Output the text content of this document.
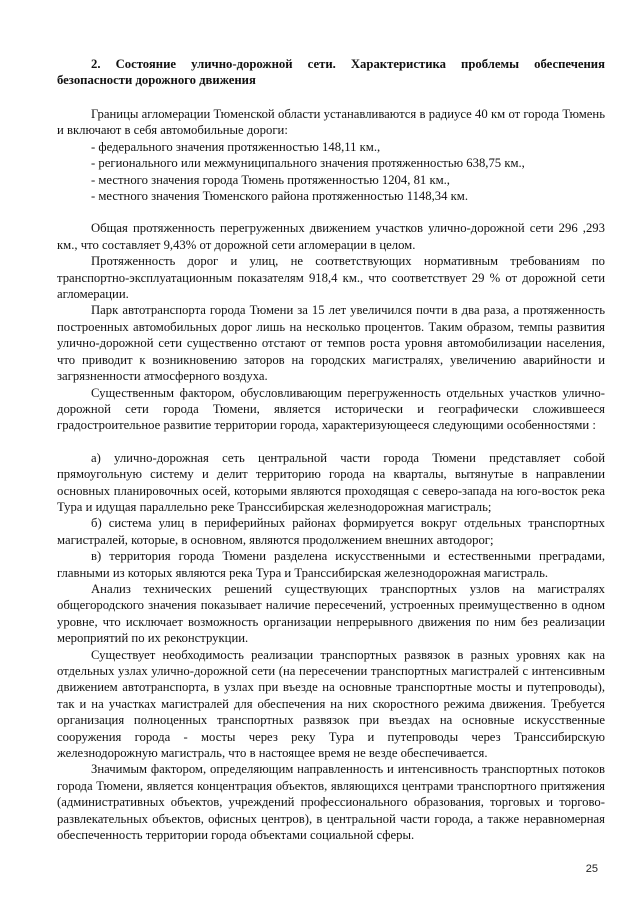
2. Состояние улично-дорожной сети. Характеристика проблемы обеспечения безопасности дорожного движения

Границы агломерации Тюменской области устанавливаются в радиусе 40 км от города Тюмень и включают в себя автомобильные дороги:

- федерального значения протяженностью 148,11 км.,

- регионального или межмуниципального значения протяженностью 638,75 км.,

- местного значения города Тюмень протяженностью 1204, 81 км.,

- местного значения Тюменского района протяженностью 1148,34 км.

Общая протяженность перегруженных движением участков улично-дорожной сети 296 ,293 км., что составляет 9,43% от дорожной сети агломерации в целом.

Протяженность дорог и улиц, не соответствующих нормативным требованиям по транспортно-эксплуатационным показателям 918,4 км., что соответствует 29 % от дорожной сети агломерации.

Парк автотранспорта города Тюмени за 15 лет увеличился почти в два раза, а протяженность построенных автомобильных дорог лишь на несколько процентов. Таким образом, темпы развития улично-дорожной сети существенно отстают от темпов роста уровня автомобилизации населения, что приводит к возникновению заторов на городских магистралях, увеличению аварийности и загрязненности атмосферного воздуха.

Существенным фактором, обусловливающим перегруженность отдельных участков улично-дорожной сети города Тюмени, является исторически и географически сложившееся градостроительное развитие территории города, характеризующееся следующими особенностями :

а) улично-дорожная сеть центральной части города Тюмени представляет собой прямоугольную систему и делит территорию города на кварталы, вытянутые в направлении основных планировочных осей, которыми являются проходящая с северо-запада на юго-восток река Тура и идущая параллельно реке Транссибирская железнодорожная магистраль;

б) система улиц в периферийных районах формируется вокруг отдельных транспортных магистралей, которые, в основном, являются продолжением внешних автодорог;

в) территория города Тюмени разделена искусственными и естественными преградами, главными из которых являются река Тура и Транссибирская железнодорожная магистраль.

Анализ технических решений существующих транспортных узлов на магистралях общегородского значения показывает наличие пересечений, устроенных преимущественно в одном уровне, что исключает возможность организации непрерывного движения по ним без реализации мероприятий по их реконструкции.

Существует необходимость реализации транспортных развязок в разных уровнях как на отдельных узлах улично-дорожной сети (на пересечении транспортных магистралей с интенсивным движением автотранспорта, в узлах при въезде на основные транспортные мосты и путепроводы), так и на участках магистралей для обеспечения на них скоростного режима движения. Требуется организация полноценных транспортных развязок при въездах на основные искусственные сооружения города - мосты через реку Тура и путепроводы через Транссибирскую железнодорожную магистраль, что в настоящее время не везде обеспечивается.

Значимым фактором, определяющим направленность и интенсивность транспортных потоков города Тюмени, является концентрация объектов, являющихся центрами транспортного притяжения (административных объектов, учреждений профессионального образования, торговых и торгово-развлекательных объектов, офисных центров), в центральной части города, а также неравномерная обеспеченность территории города объектами социальной сферы.

25
